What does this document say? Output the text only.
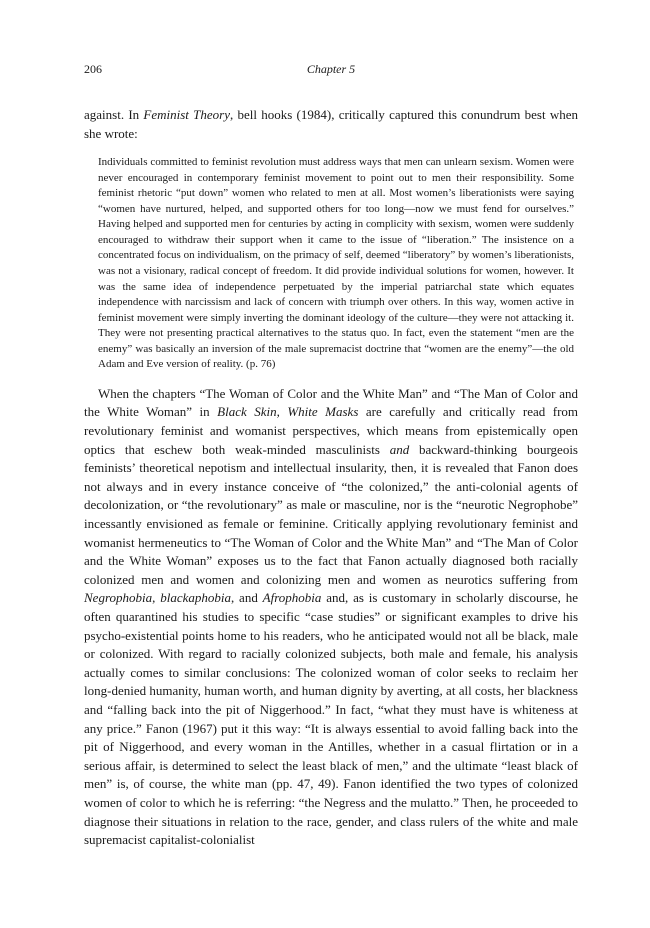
206	Chapter 5

against. In Feminist Theory, bell hooks (1984), critically captured this conundrum best when she wrote:

Individuals committed to feminist revolution must address ways that men can unlearn sexism. Women were never encouraged in contemporary feminist movement to point out to men their responsibility. Some feminist rhetoric “put down” women who related to men at all. Most women’s liberationists were saying “women have nurtured, helped, and supported others for too long—now we must fend for ourselves.” Having helped and supported men for centuries by acting in complicity with sexism, women were suddenly encouraged to withdraw their support when it came to the issue of “liberation.” The insistence on a concentrated focus on individualism, on the primacy of self, deemed “liberatory” by women’s liberationists, was not a visionary, radical concept of freedom. It did provide individual solutions for women, however. It was the same idea of independence perpetuated by the imperial patriarchal state which equates independence with narcissism and lack of concern with triumph over others. In this way, women active in feminist movement were simply inverting the dominant ideology of the culture—they were not attacking it. They were not presenting practical alternatives to the status quo. In fact, even the statement “men are the enemy” was basically an inversion of the male supremacist doctrine that “women are the enemy”—the old Adam and Eve version of reality. (p. 76)

When the chapters “The Woman of Color and the White Man” and “The Man of Color and the White Woman” in Black Skin, White Masks are carefully and critically read from revolutionary feminist and womanist perspectives, which means from epistemically open optics that eschew both weak-minded masculinists and backward-thinking bourgeois feminists’ theoretical nepotism and intellectual insularity, then, it is revealed that Fanon does not always and in every instance conceive of “the colonized,” the anti-colonial agents of decolonization, or “the revolutionary” as male or masculine, nor is the “neurotic Negrophobe” incessantly envisioned as female or feminine. Critically applying revolutionary feminist and womanist hermeneutics to “The Woman of Color and the White Man” and “The Man of Color and the White Woman” exposes us to the fact that Fanon actually diagnosed both racially colonized men and women and colonizing men and women as neurotics suffering from Negrophobia, blackaphobia, and Afrophobia and, as is customary in scholarly discourse, he often quarantined his studies to specific “case studies” or significant examples to drive his psycho-existential points home to his readers, who he anticipated would not all be black, male or colonized. With regard to racially colonized subjects, both male and female, his analysis actually comes to similar conclusions: The colonized woman of color seeks to reclaim her long-denied humanity, human worth, and human dignity by averting, at all costs, her blackness and “falling back into the pit of Niggerhood.” In fact, “what they must have is whiteness at any price.” Fanon (1967) put it this way: “It is always essential to avoid falling back into the pit of Niggerhood, and every woman in the Antilles, whether in a casual flirtation or in a serious affair, is determined to select the least black of men,” and the ultimate “least black of men” is, of course, the white man (pp. 47, 49). Fanon identified the two types of colonized women of color to which he is referring: “the Negress and the mulatto.” Then, he proceeded to diagnose their situations in relation to the race, gender, and class rulers of the white and male supremacist capitalist-colonialist
